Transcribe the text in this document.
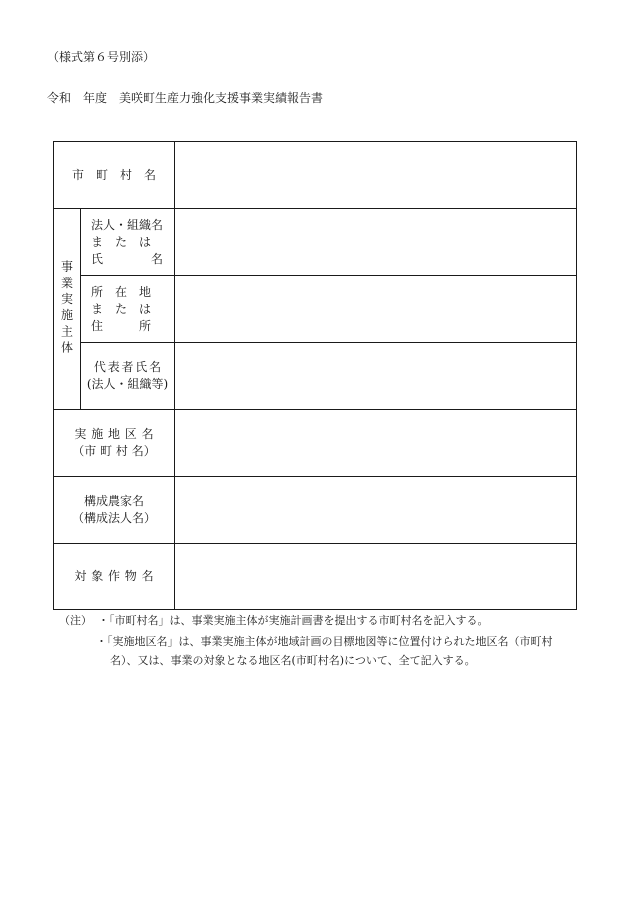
（様式第６号別添）
令和 年度 美咲町生産力強化支援事業実績報告書
市　町　村　名
事業実施主体
法人・組織名
ま　た　は
氏　　　　名
所　在　地
ま　た　は
住　　　所
代表者氏名
(法人・組織等)
実施地区名
（市 町 村 名）
構成農家名
（構成法人名）
対象作物名
（注） ・「市町村名」は、事業実施主体が実施計画書を提出する市町村名を記入する。
・「実施地区名」は、事業実施主体が地域計画の目標地図等に位置付けられた地区名（市町村
名）、又は、事業の対象となる地区名(市町村名)について、全て記入する。
